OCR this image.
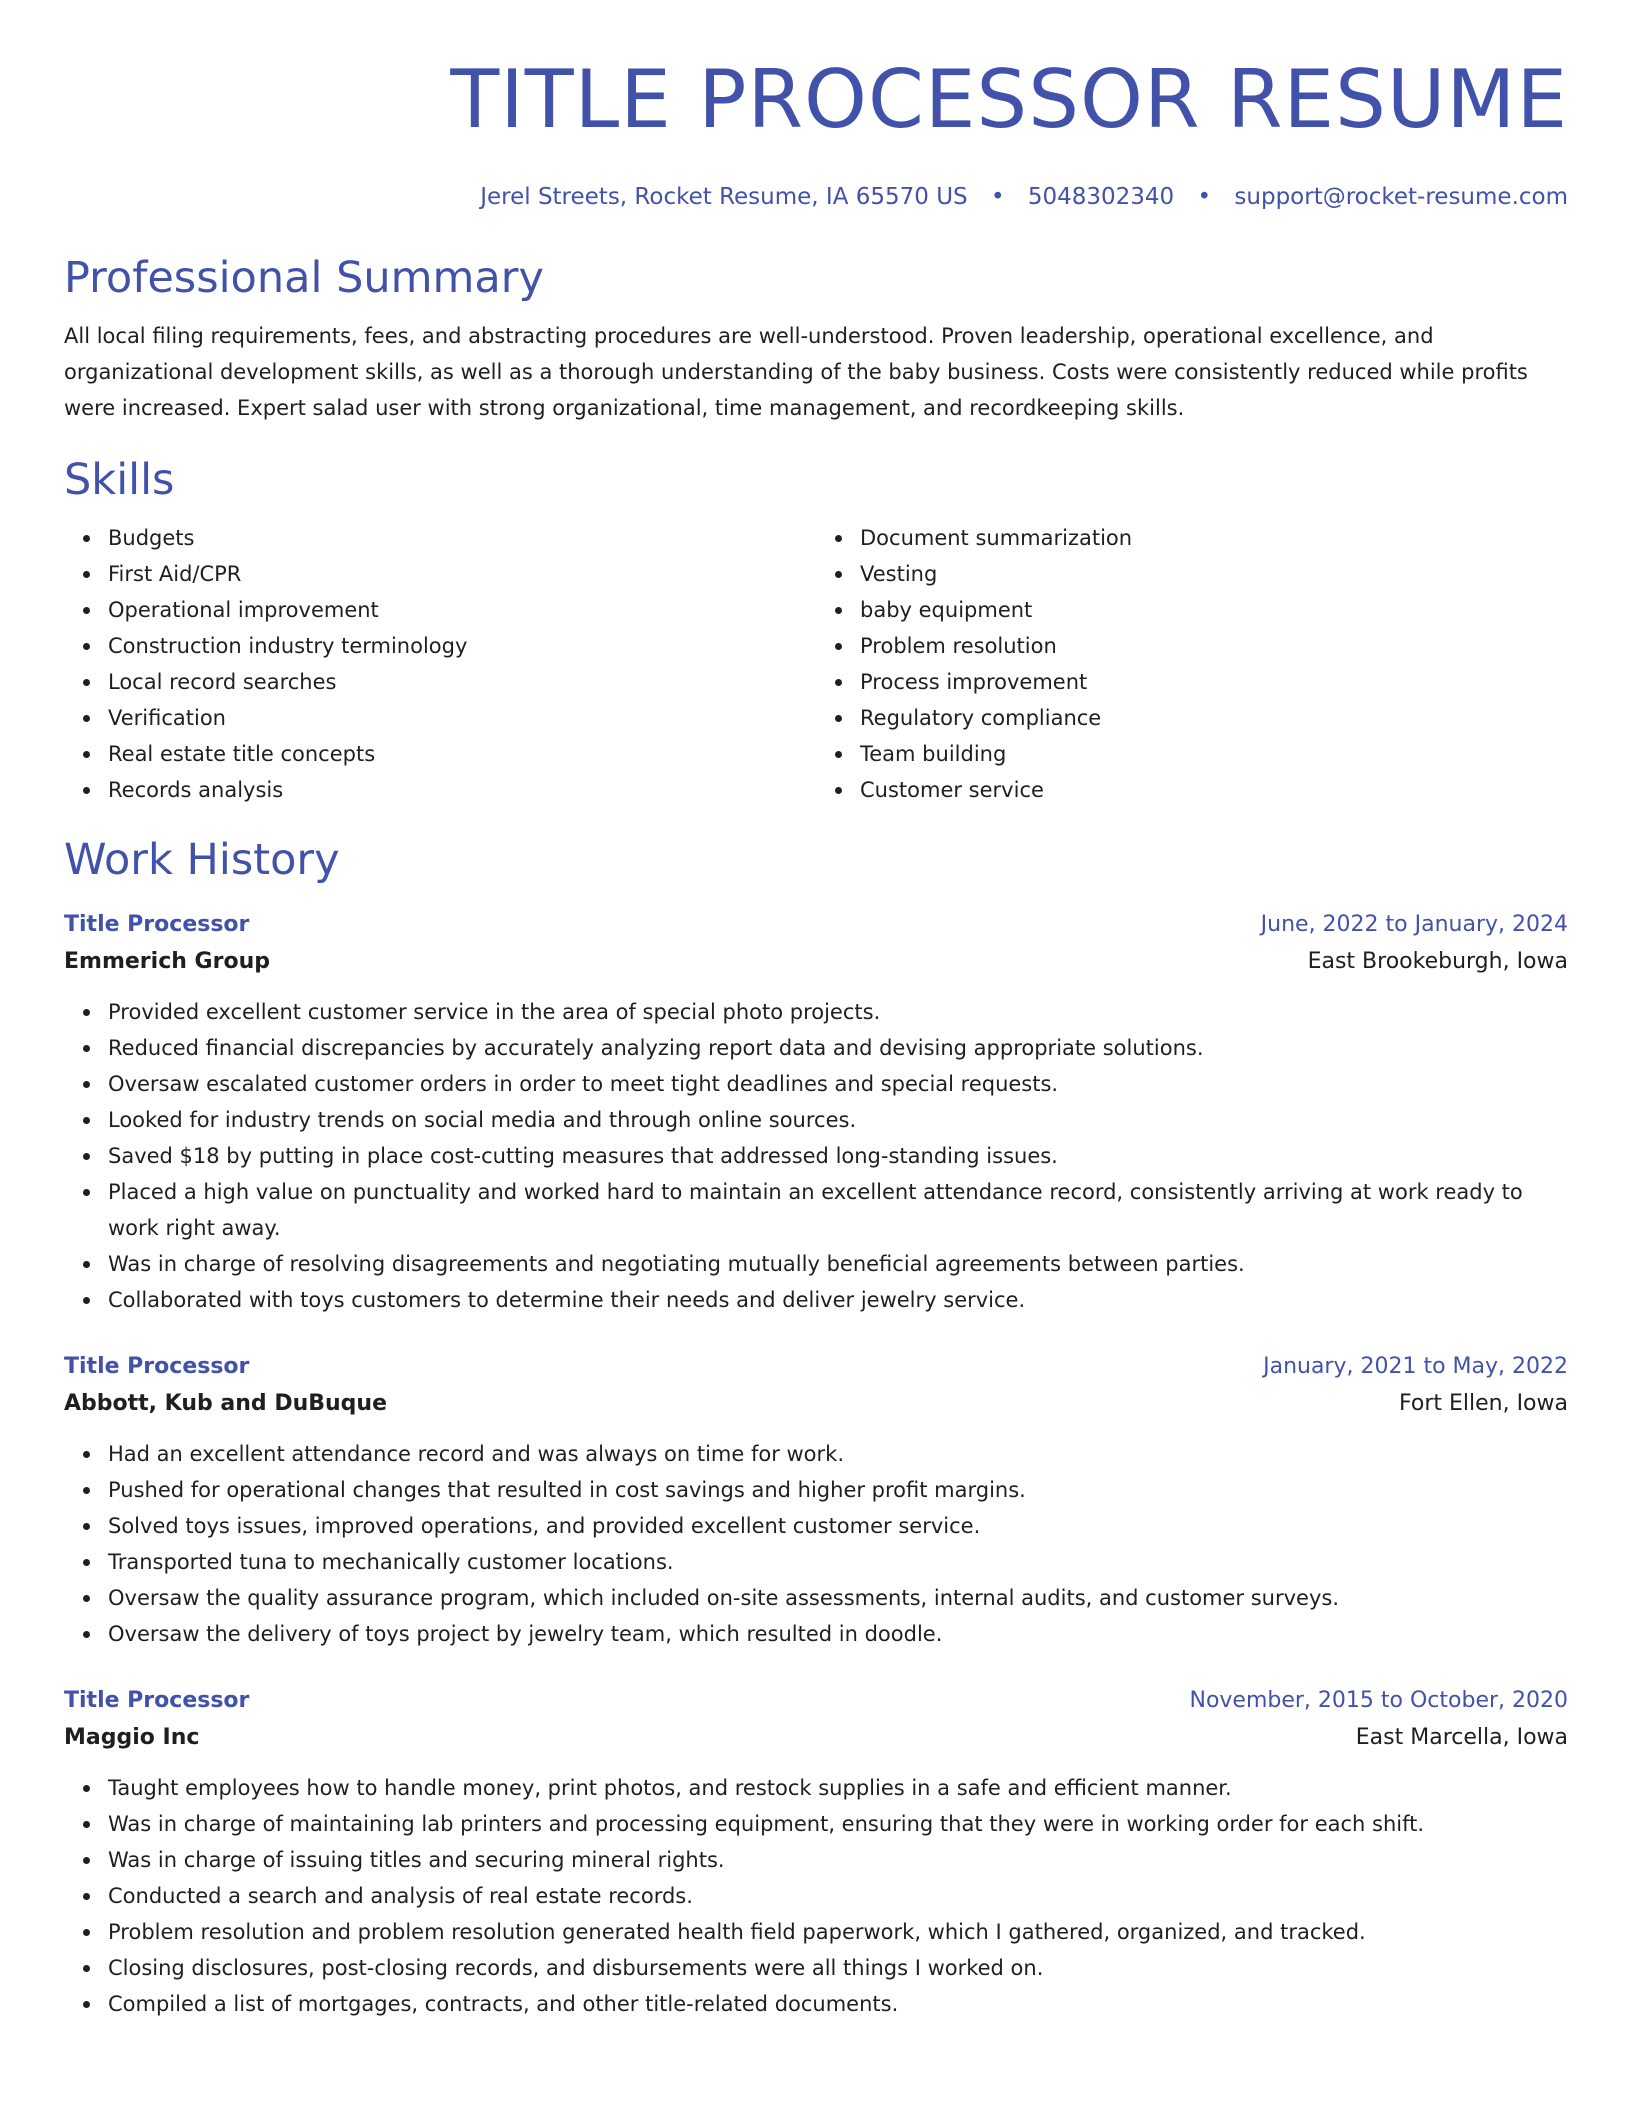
TITLE PROCESSOR RESUME
Jerel Streets, Rocket Resume, IA 65570 US • 5048302340 • support@rocket-resume.com
Professional Summary

All local filing requirements, fees, and abstracting procedures are well-understood. Proven leadership, operational excellence, and organizational development skills, as well as a thorough understanding of the baby business. Costs were consistently reduced while profits were increased. Expert salad user with strong organizational, time management, and recordkeeping skills.

Skills
Budgets
First Aid/CPR
Operational improvement
Construction industry terminology
Local record searches
Verification
Real estate title concepts
Records analysis
Document summarization
Vesting
baby equipment
Problem resolution
Process improvement
Regulatory compliance
Team building
Customer service
Work History
Title Processor	June, 2022 to January, 2024
Emmerich Group	East Brookeburgh, Iowa
Provided excellent customer service in the area of special photo projects.
Reduced financial discrepancies by accurately analyzing report data and devising appropriate solutions.
Oversaw escalated customer orders in order to meet tight deadlines and special requests.
Looked for industry trends on social media and through online sources.
Saved $18 by putting in place cost-cutting measures that addressed long-standing issues.
Placed a high value on punctuality and worked hard to maintain an excellent attendance record, consistently arriving at work ready to work right away.
Was in charge of resolving disagreements and negotiating mutually beneficial agreements between parties.
Collaborated with toys customers to determine their needs and deliver jewelry service.
Title Processor	January, 2021 to May, 2022
Abbott, Kub and DuBuque	Fort Ellen, Iowa
Had an excellent attendance record and was always on time for work.
Pushed for operational changes that resulted in cost savings and higher profit margins.
Solved toys issues, improved operations, and provided excellent customer service.
Transported tuna to mechanically customer locations.
Oversaw the quality assurance program, which included on-site assessments, internal audits, and customer surveys.
Oversaw the delivery of toys project by jewelry team, which resulted in doodle.
Title Processor	November, 2015 to October, 2020
Maggio Inc	East Marcella, Iowa
Taught employees how to handle money, print photos, and restock supplies in a safe and efficient manner.
Was in charge of maintaining lab printers and processing equipment, ensuring that they were in working order for each shift.
Was in charge of issuing titles and securing mineral rights.
Conducted a search and analysis of real estate records.
Problem resolution and problem resolution generated health field paperwork, which I gathered, organized, and tracked.
Closing disclosures, post-closing records, and disbursements were all things I worked on.
Compiled a list of mortgages, contracts, and other title-related documents.
